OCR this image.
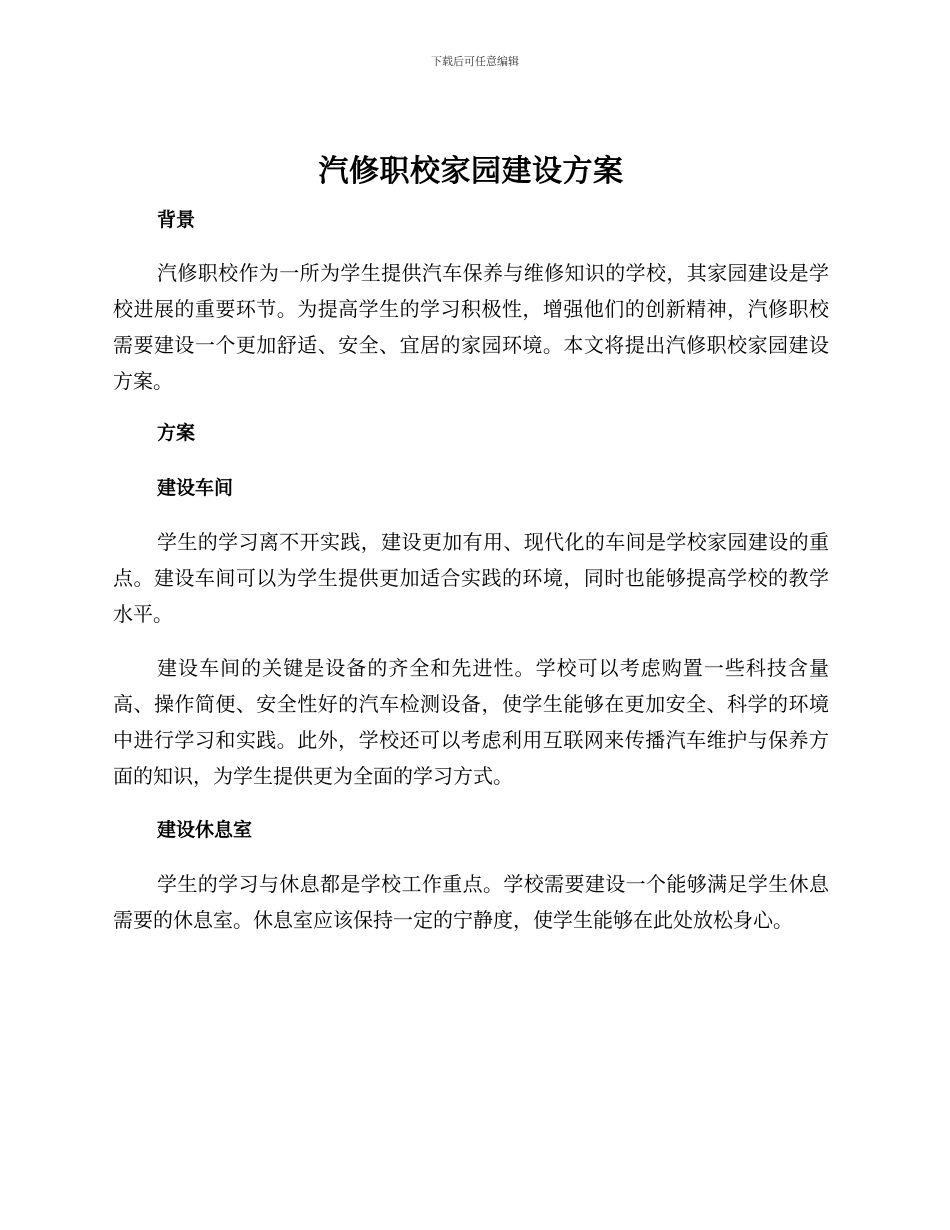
下载后可任意编辑
汽修职校家园建设方案
背景

汽修职校作为一所为学生提供汽车保养与维修知识的学校，其家园建设是学校进展的重要环节。为提高学生的学习积极性，增强他们的创新精神，汽修职校需要建设一个更加舒适、安全、宜居的家园环境。本文将提出汽修职校家园建设方案。

方案
建设车间

学生的学习离不开实践，建设更加有用、现代化的车间是学校家园建设的重点。建设车间可以为学生提供更加适合实践的环境，同时也能够提高学校的教学水平。

建设车间的关键是设备的齐全和先进性。学校可以考虑购置一些科技含量高、操作简便、安全性好的汽车检测设备，使学生能够在更加安全、科学的环境中进行学习和实践。此外，学校还可以考虑利用互联网来传播汽车维护与保养方面的知识，为学生提供更为全面的学习方式。

建设休息室

学生的学习与休息都是学校工作重点。学校需要建设一个能够满足学生休息需要的休息室。休息室应该保持一定的宁静度，使学生能够在此处放松身心。
